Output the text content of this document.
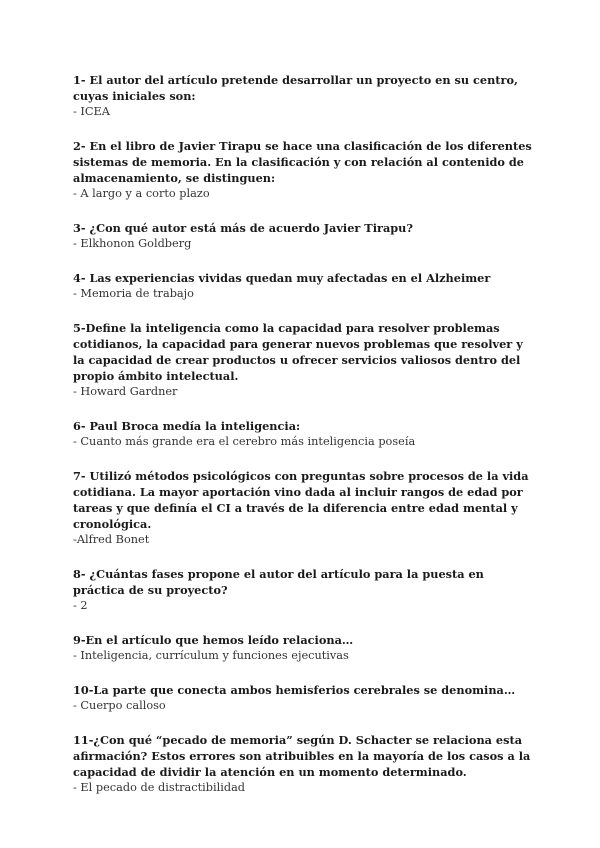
1- El autor del artículo pretende desarrollar un proyecto en su centro, cuyas iniciales son:

- ICEA

2- En el libro de Javier Tirapu se hace una clasificación de los diferentes sistemas de memoria. En la clasificación y con relación al contenido de almacenamiento, se distinguen:

- A largo y a corto plazo

3- ¿Con qué autor está más de acuerdo Javier Tirapu?

- Elkhonon Goldberg

4- Las experiencias vividas quedan muy afectadas en el Alzheimer

- Memoria de trabajo

5-Define la inteligencia como la capacidad para resolver problemas cotidianos, la capacidad para generar nuevos problemas que resolver y la capacidad de crear productos u ofrecer servicios valiosos dentro del propio ámbito intelectual.

- Howard Gardner

6- Paul Broca medía la inteligencia:

- Cuanto más grande era el cerebro más inteligencia poseía

7- Utilizó métodos psicológicos con preguntas sobre procesos de la vida cotidiana. La mayor aportación vino dada al incluir rangos de edad por tareas y que definía el CI a través de la diferencia entre edad mental y cronológica.

-Alfred Bonet

8- ¿Cuántas fases propone el autor del artículo para la puesta en práctica de su proyecto?

- 2

9-En el artículo que hemos leído relaciona…

- Inteligencia, currículum y funciones ejecutivas

10-La parte que conecta ambos hemisferios cerebrales se denomina…

- Cuerpo calloso

11-¿Con qué “pecado de memoria” según D. Schacter se relaciona esta afirmación? Estos errores son atribuibles en la mayoría de los casos a la capacidad de dividir la atención en un momento determinado.

- El pecado de distractibilidad
